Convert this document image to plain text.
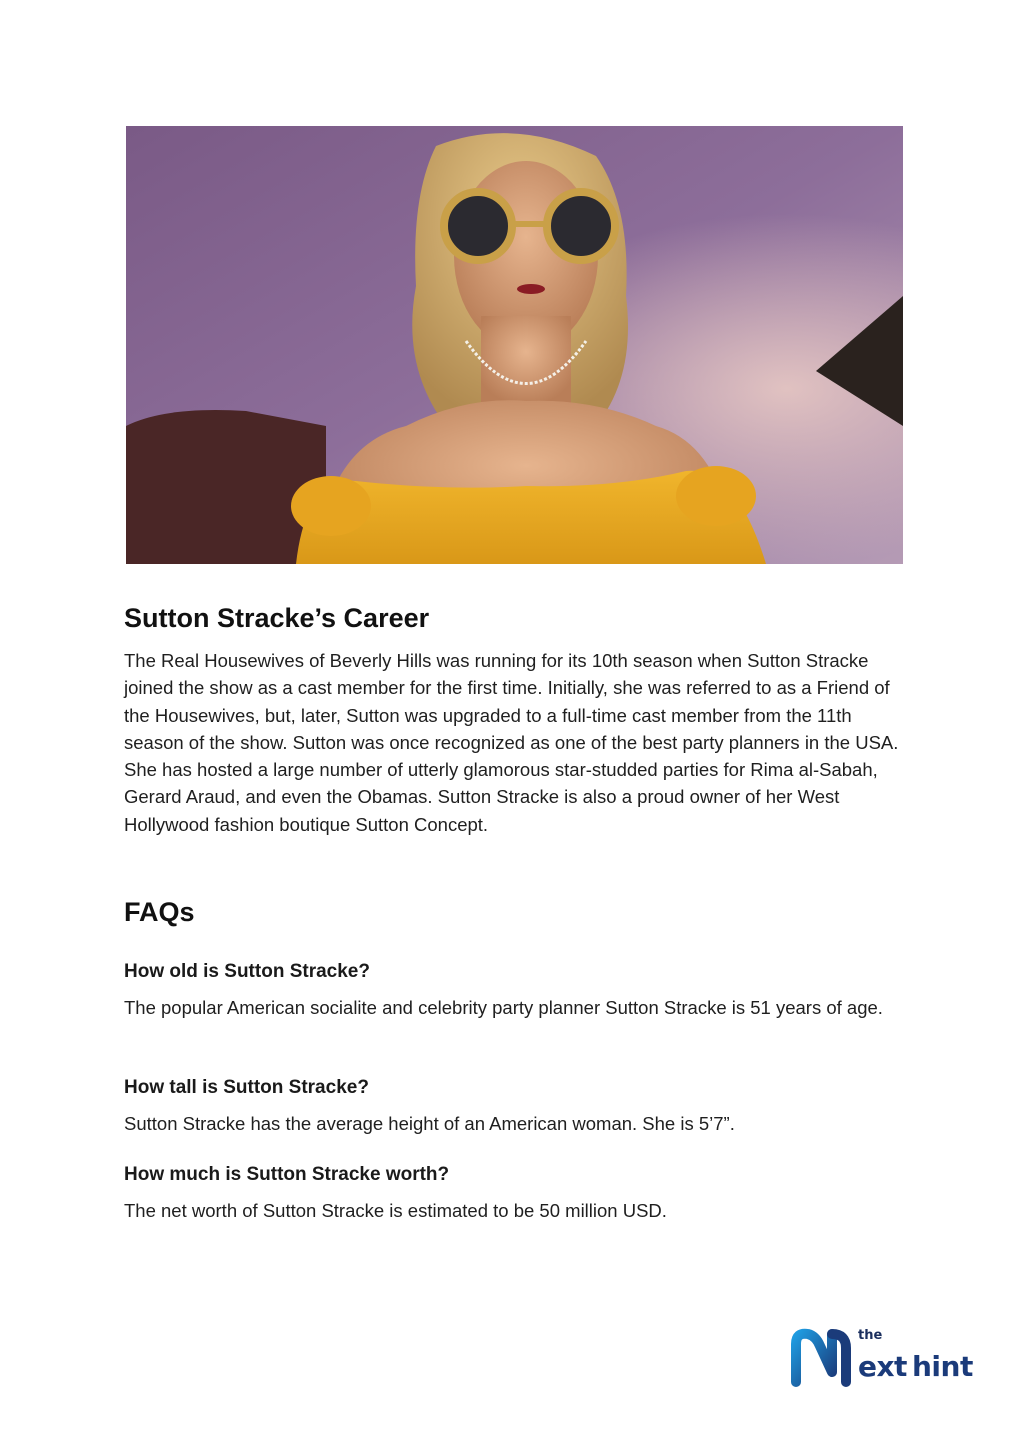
Sutton Stracke’s Career

The Real Housewives of Beverly Hills was running for its 10th season when Sutton Stracke joined the show as a cast member for the first time. Initially, she was referred to as a Friend of the Housewives, but, later, Sutton was upgraded to a full-time cast member from the 11th season of the show. Sutton was once recognized as one of the best party planners in the USA. She has hosted a large number of utterly glamorous star-studded parties for Rima al-Sabah, Gerard Araud, and even the Obamas. Sutton Stracke is also a proud owner of her West Hollywood fashion boutique Sutton Concept.

FAQs

How old is Sutton Stracke?

The popular American socialite and celebrity party planner Sutton Stracke is 51 years of age.

How tall is Sutton Stracke?

Sutton Stracke has the average height of an American woman. She is 5’7”.

How much is Sutton Stracke worth?

The net worth of Sutton Stracke is estimated to be 50 million USD.

the
ext hint
